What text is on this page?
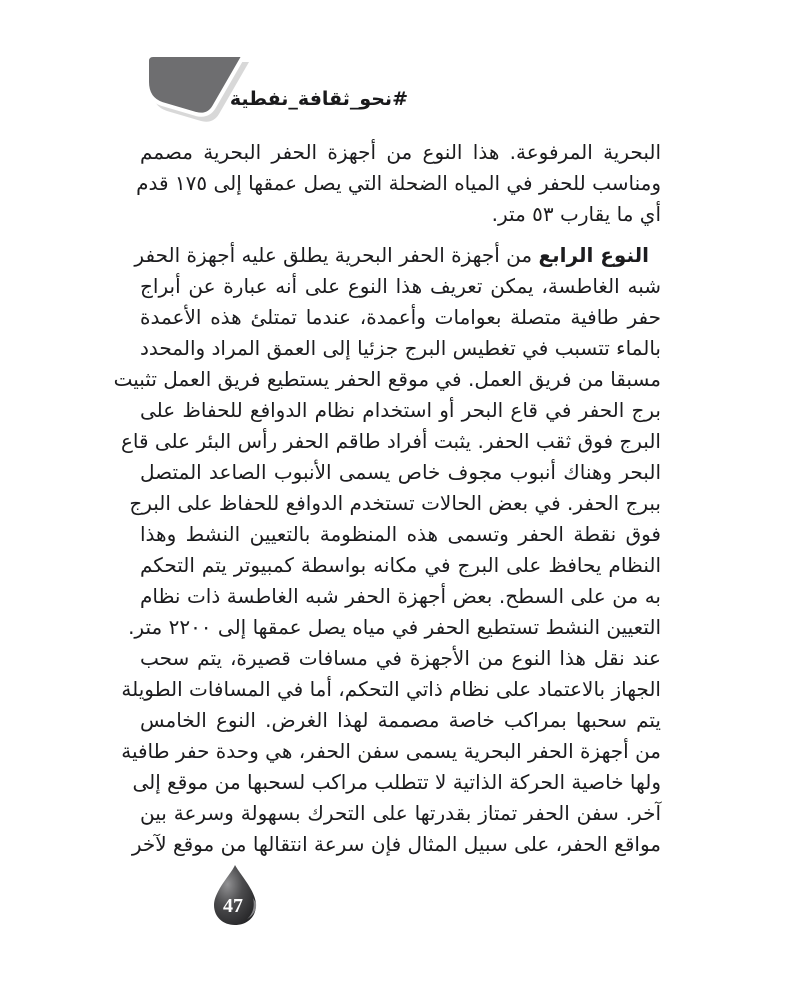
#نحو_ثقافة_نفطية
البحرية المرفوعة. هذا النوع من أجهزة الحفر البحرية مصمم
ومناسب للحفر في المياه الضحلة التي يصل عمقها إلى ١٧٥ قدم
أي ما يقارب ٥٣ متر.
النوع الرابع من أجهزة الحفر البحرية يطلق عليه أجهزة الحفر
شبه الغاطسة، يمكن تعريف هذا النوع على أنه عبارة عن أبراج
حفر طافية متصلة بعوامات وأعمدة، عندما تمتلئ هذه الأعمدة
بالماء تتسبب في تغطيس البرج جزئيا إلى العمق المراد والمحدد
مسبقا من فريق العمل. في موقع الحفر يستطيع فريق العمل تثبيت
برج الحفر في قاع البحر أو استخدام نظام الدوافع للحفاظ على
البرج فوق ثقب الحفر. يثبت أفراد طاقم الحفر رأس البئر على قاع
البحر وهناك أنبوب مجوف خاص يسمى الأنبوب الصاعد المتصل
ببرج الحفر. في بعض الحالات تستخدم الدوافع للحفاظ على البرج
فوق نقطة الحفر وتسمى هذه المنظومة بالتعيين النشط وهذا
النظام يحافظ على البرج في مكانه بواسطة كمبيوتر يتم التحكم
به من على السطح. بعض أجهزة الحفر شبه الغاطسة ذات نظام
التعيين النشط تستطيع الحفر في مياه يصل عمقها إلى ٢٢٠٠ متر.
عند نقل هذا النوع من الأجهزة في مسافات قصيرة، يتم سحب
الجهاز بالاعتماد على نظام ذاتي التحكم، أما في المسافات الطويلة
يتم سحبها بمراكب خاصة مصممة لهذا الغرض. النوع الخامس
من أجهزة الحفر البحرية يسمى سفن الحفر، هي وحدة حفر طافية
ولها خاصية الحركة الذاتية لا تتطلب مراكب لسحبها من موقع إلى
آخر. سفن الحفر تمتاز بقدرتها على التحرك بسهولة وسرعة بين
مواقع الحفر، على سبيل المثال فإن سرعة انتقالها من موقع لآخر
47
